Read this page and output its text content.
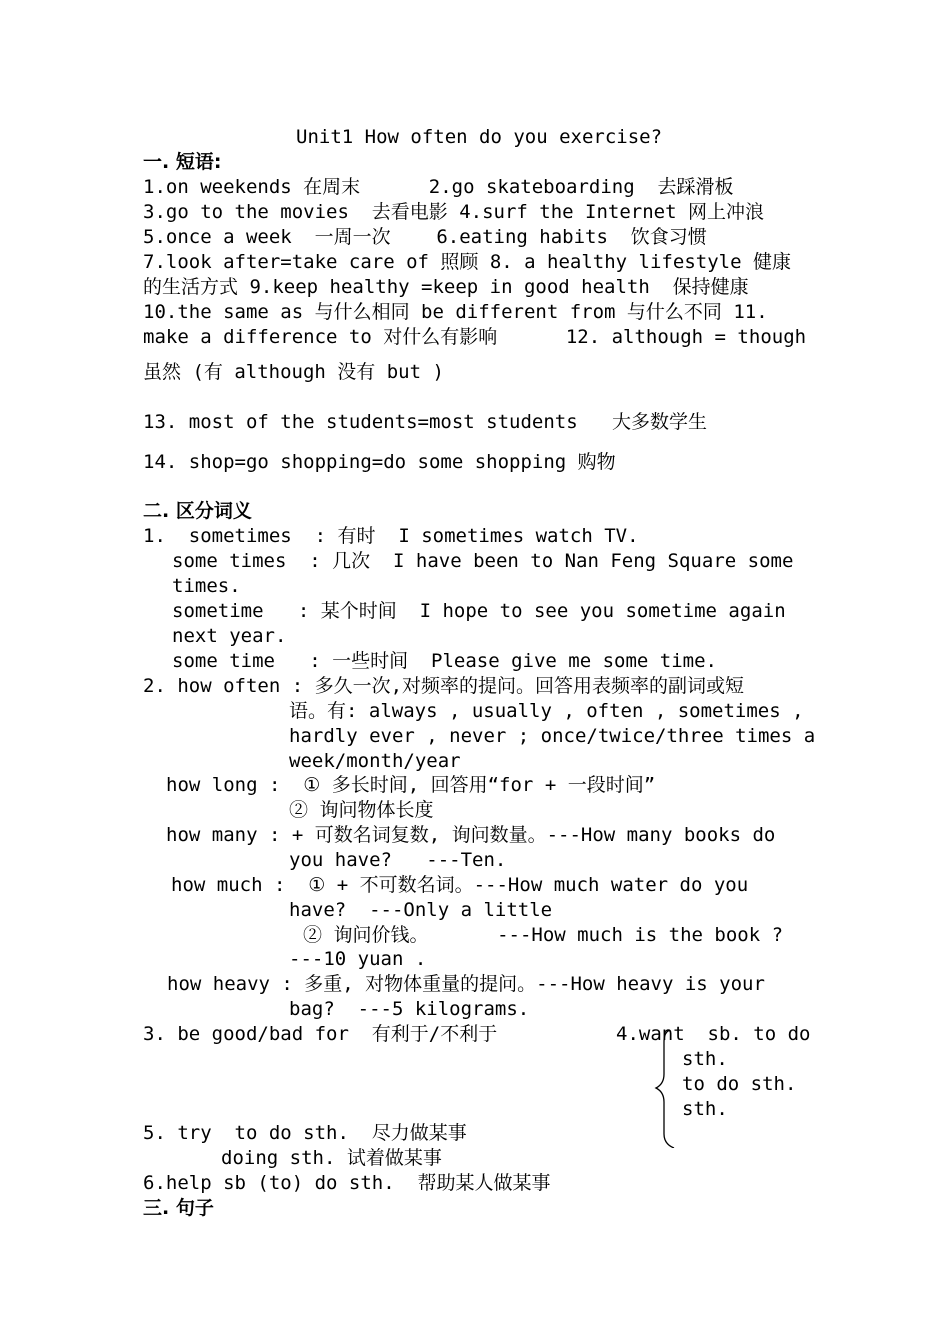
Unit1 How often do you exercise?
一. 短语:
1.on weekends 在周末      2.go skateboarding  去踩滑板
3.go to the movies  去看电影 4.surf the Internet 网上冲浪
5.once a week  一周一次    6.eating habits  饮食习惯
7.look after=take care of 照顾 8. a healthy lifestyle 健康
的生活方式 9.keep healthy =keep in good health  保持健康
10.the same as 与什么相同 be different from 与什么不同 11.
make a difference to 对什么有影响      12. although = though
虽然 (有 although 没有 but )
13. most of the students=most students   大多数学生
14. shop=go shopping=do some shopping 购物
二. 区分词义
1.  sometimes  : 有时  I sometimes watch TV.
some times  : 几次  I have been to Nan Feng Square some
times.
sometime   : 某个时间  I hope to see you sometime again
next year.
some time   : 一些时间  Please give me some time.
2. how often : 多久一次,对频率的提问。回答用表频率的副词或短
语。有: always , usually , often , sometimes ,
hardly ever , never ; once/twice/three times a
week/month/year
how long :  ① 多长时间, 回答用“for + 一段时间”
② 询问物体长度
how many : + 可数名词复数, 询问数量。---How many books do
you have?   ---Ten.
how much :  ① + 不可数名词。---How much water do you
have?  ---Only a little
② 询问价钱。      ---How much is the book ?
---10 yuan .
how heavy : 多重, 对物体重量的提问。---How heavy is your
bag?  ---5 kilograms.
3. be good/bad for  有利于/不利于	4.want  sb. to do
sth.
to do sth.
sth.
5. try  to do sth.  尽力做某事
doing sth. 试着做某事
6.help sb (to) do sth.  帮助某人做某事
三. 句子
